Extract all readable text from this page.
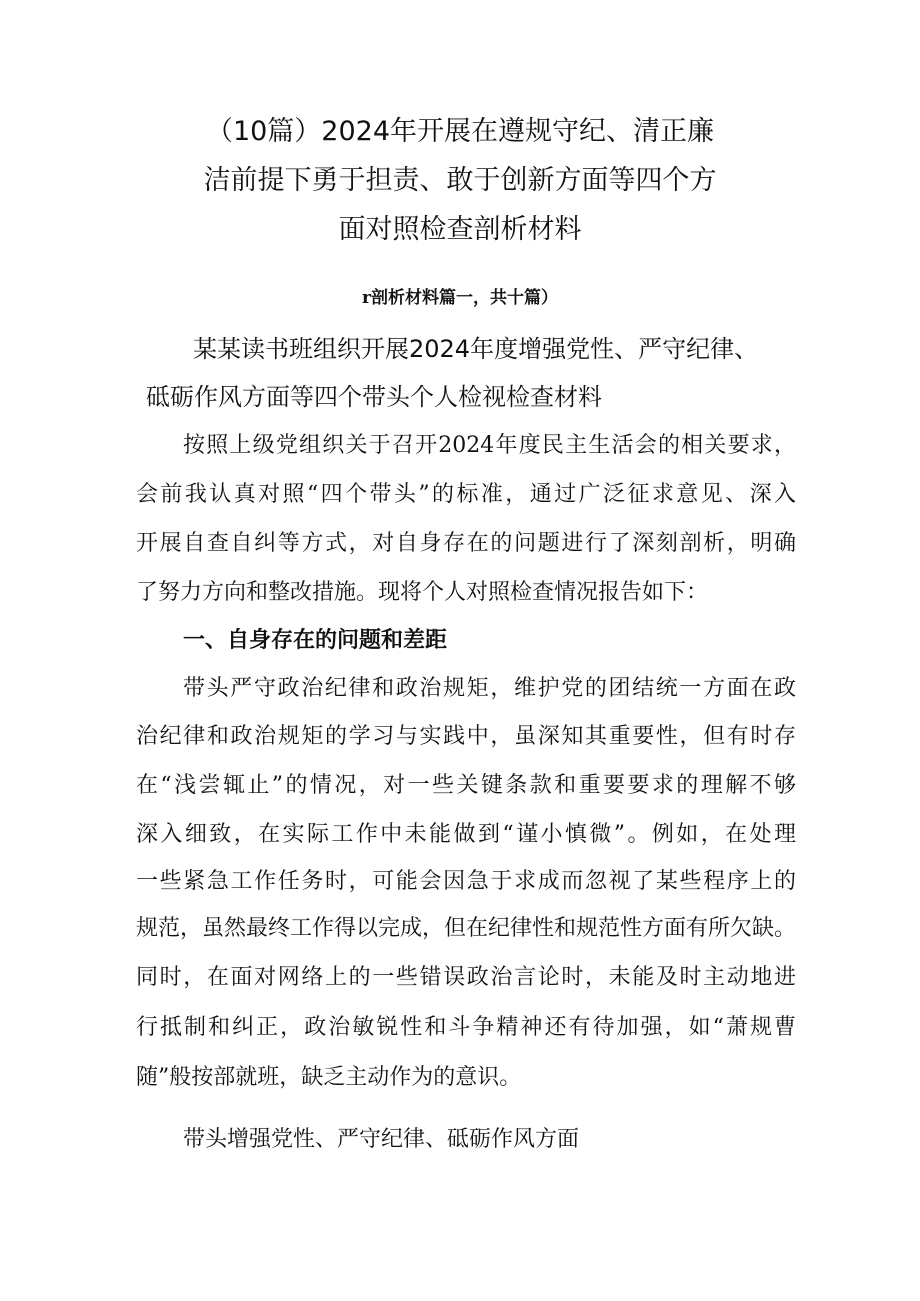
（10篇）2024年开展在遵规守纪、清正廉
洁前提下勇于担责、敢于创新方面等四个方
面对照检查剖析材料
r剖析材料篇一，共十篇）
某某读书班组织开展2024年度增强党性、严守纪律、
砥砺作风方面等四个带头个人检视检查材料
按照上级党组织关于召开2024年度民主生活会的相关要求，
会前我认真对照“四个带头”的标准，通过广泛征求意见、深入
开展自查自纠等方式，对自身存在的问题进行了深刻剖析，明确
了努力方向和整改措施。现将个人对照检查情况报告如下：
一、自身存在的问题和差距
带头严守政治纪律和政治规矩，维护党的团结统一方面在政
治纪律和政治规矩的学习与实践中，虽深知其重要性，但有时存
在“浅尝辄止”的情况，对一些关键条款和重要要求的理解不够
深入细致，在实际工作中未能做到“谨小慎微”。例如，在处理
一些紧急工作任务时，可能会因急于求成而忽视了某些程序上的
规范，虽然最终工作得以完成，但在纪律性和规范性方面有所欠缺。
同时，在面对网络上的一些错误政治言论时，未能及时主动地进
行抵制和纠正，政治敏锐性和斗争精神还有待加强，如“萧规曹
随”般按部就班，缺乏主动作为的意识。
带头增强党性、严守纪律、砥砺作风方面
